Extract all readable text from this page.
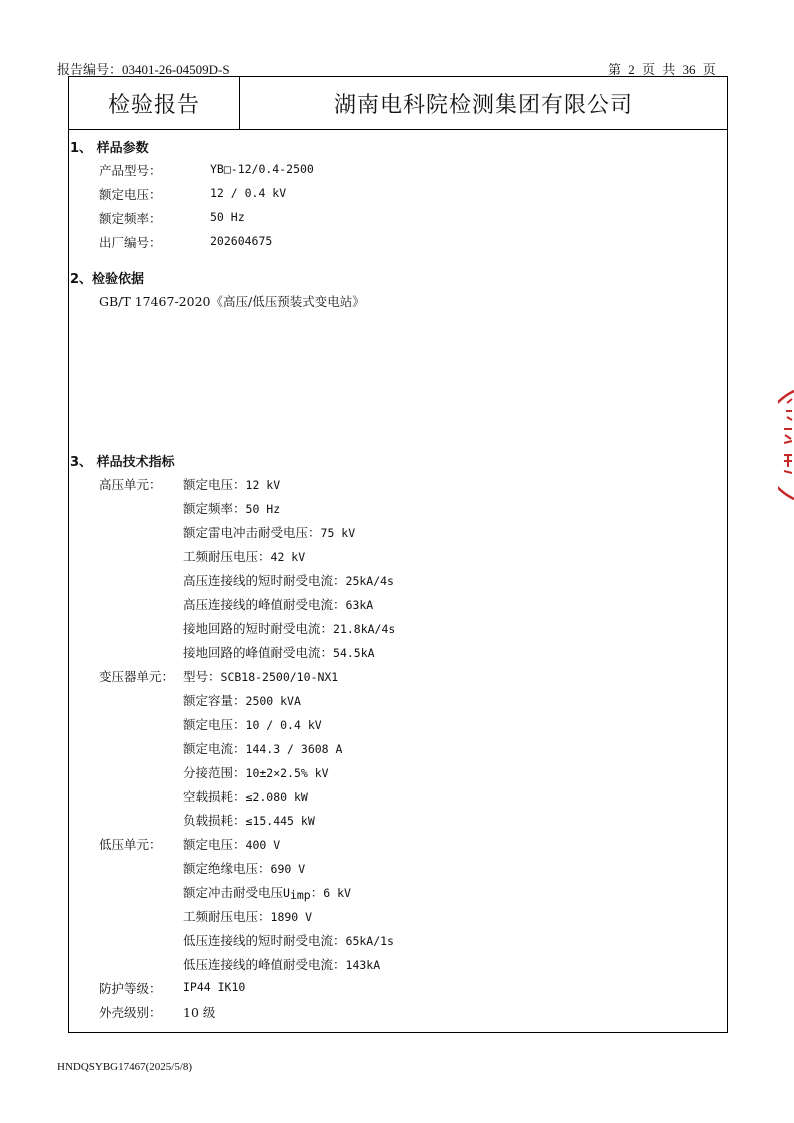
报告编号：03401-26-04509D-S	第 2 页 共 36 页
检验报告	湖南电科院检测集团有限公司
1、 样品参数
产品型号：	YB□-12/0.4-2500
额定电压：	12 / 0.4 kV
额定频率：	50 Hz
出厂编号：	202604675
2、检验依据
GB/T 17467-2020《高压/低压预装式变电站》
3、 样品技术指标
高压单元： 额定电压：12 kV
额定频率：50 Hz
额定雷电冲击耐受电压：75 kV
工频耐压电压：42 kV
高压连接线的短时耐受电流：25kA/4s
高压连接线的峰值耐受电流：63kA
接地回路的短时耐受电流：21.8kA/4s
接地回路的峰值耐受电流：54.5kA
变压器单元： 型号：SCB18-2500/10-NX1
额定容量：2500 kVA
额定电压：10 / 0.4 kV
额定电流：144.3 / 3608 A
分接范围：10±2×2.5% kV
空载损耗：≤2.080 kW
负载损耗：≤15.445 kW
低压单元： 额定电压：400 V
额定绝缘电压：690 V
额定冲击耐受电压$U_{imp}$：6 kV
工频耐压电压：1890 V
低压连接线的短时耐受电流：65kA/1s
低压连接线的峰值耐受电流：143kA
防护等级： IP44 IK10
外壳级别： 10 级
HNDQSYBG17467(2025/5/8)
